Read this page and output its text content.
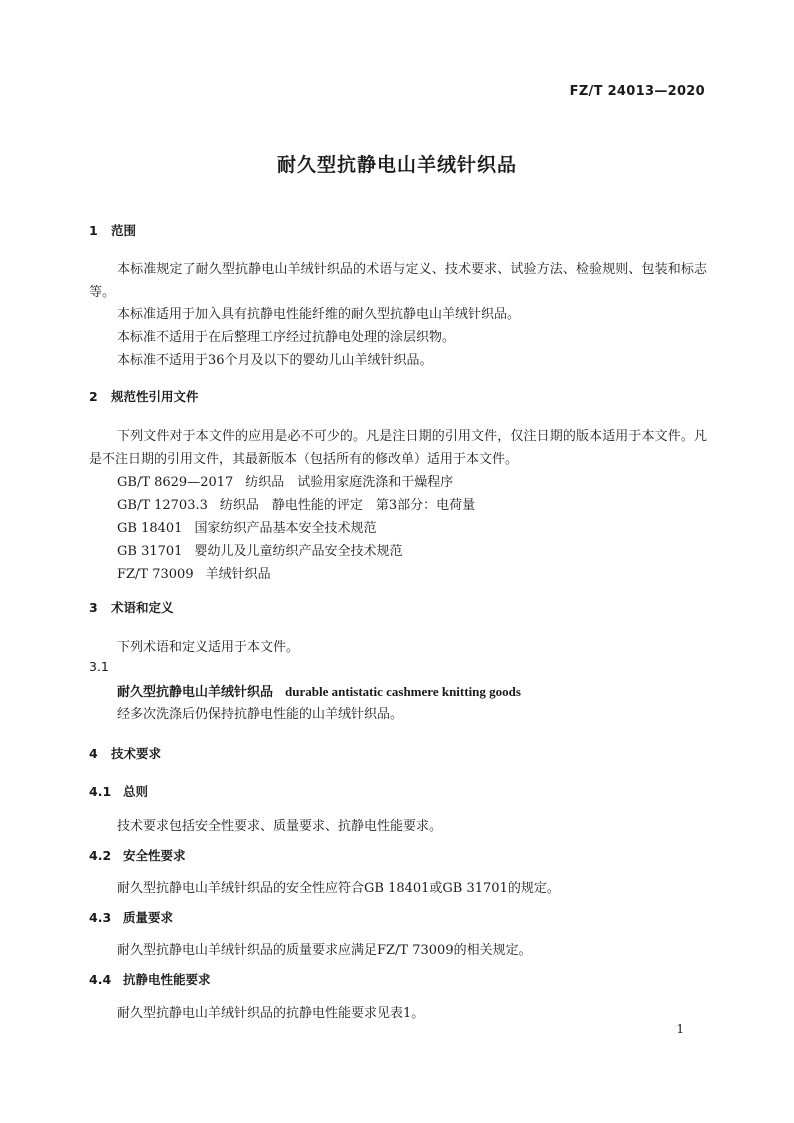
FZ/T 24013—2020
耐久型抗静电山羊绒针织品
1 范围
本标准规定了耐久型抗静电山羊绒针织品的术语与定义、技术要求、试验方法、检验规则、包装和标志等。
本标准适用于加入具有抗静电性能纤维的耐久型抗静电山羊绒针织品。
本标准不适用于在后整理工序经过抗静电处理的涂层织物。
本标准不适用于36个月及以下的婴幼儿山羊绒针织品。
2 规范性引用文件
下列文件对于本文件的应用是必不可少的。凡是注日期的引用文件，仅注日期的版本适用于本文件。凡是不注日期的引用文件，其最新版本（包括所有的修改单）适用于本文件。
GB/T 8629—2017 纺织品　试验用家庭洗涤和干燥程序
GB/T 12703.3 纺织品　静电性能的评定　第3部分：电荷量
GB 18401 国家纺织产品基本安全技术规范
GB 31701 婴幼儿及儿童纺织产品安全技术规范
FZ/T 73009 羊绒针织品
3 术语和定义
下列术语和定义适用于本文件。
3.1
耐久型抗静电山羊绒针织品 durable antistatic cashmere knitting goods
经多次洗涤后仍保持抗静电性能的山羊绒针织品。
4 技术要求
4.1 总则
技术要求包括安全性要求、质量要求、抗静电性能要求。
4.2 安全性要求
耐久型抗静电山羊绒针织品的安全性应符合GB 18401或GB 31701的规定。
4.3 质量要求
耐久型抗静电山羊绒针织品的质量要求应满足FZ/T 73009的相关规定。
4.4 抗静电性能要求
耐久型抗静电山羊绒针织品的抗静电性能要求见表1。
1
